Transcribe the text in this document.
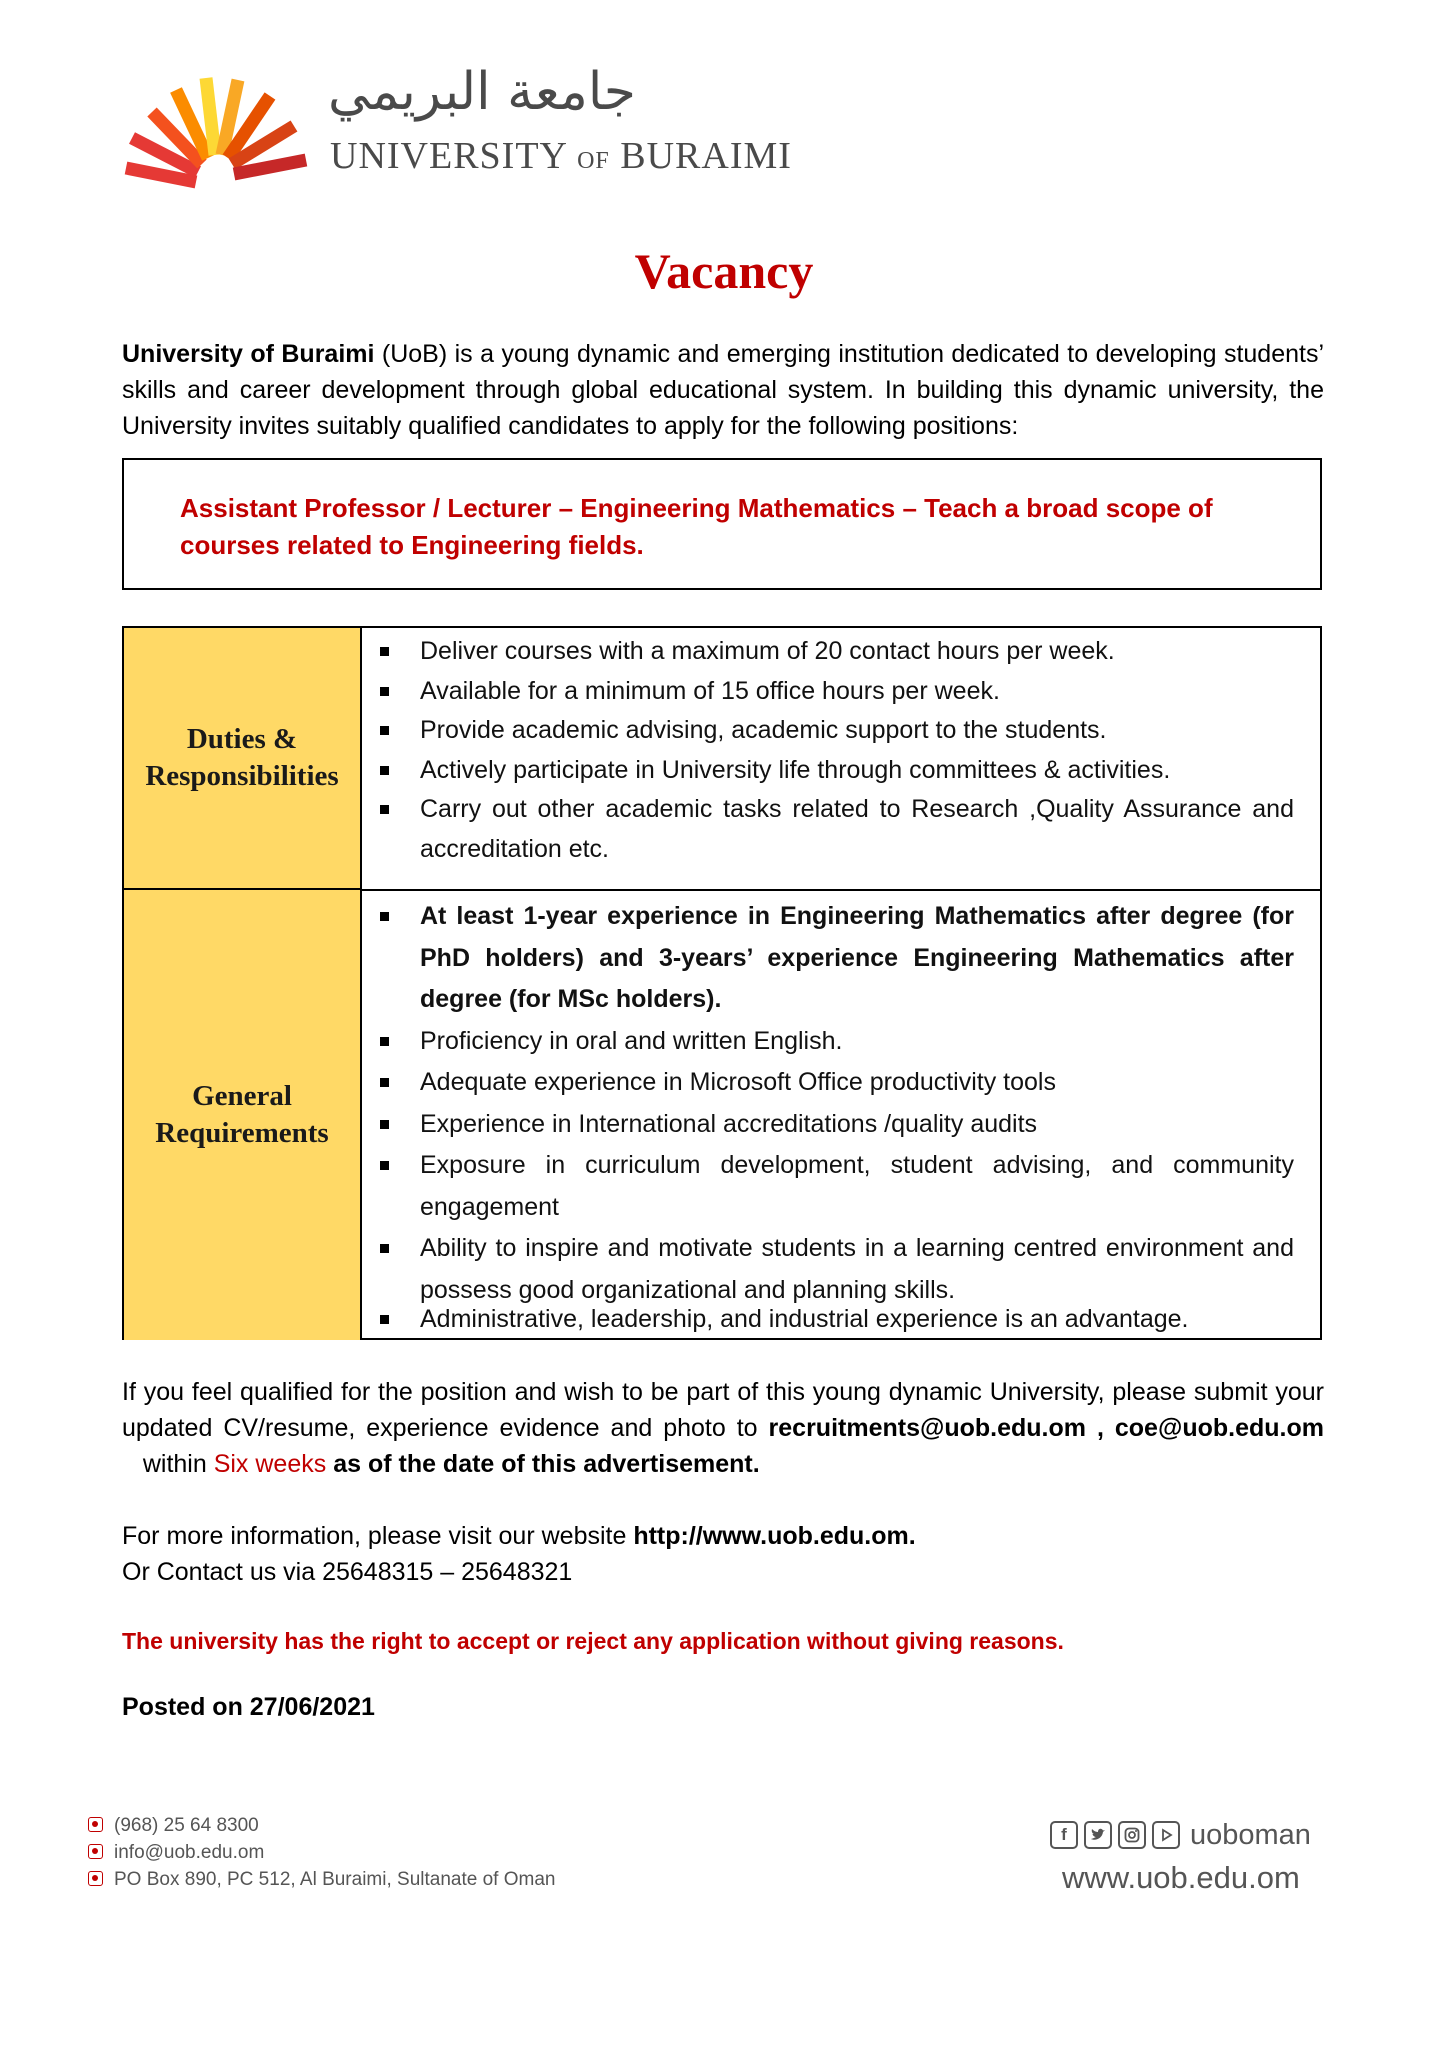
جامعة البريمي
UNIVERSITY OF BURAIMI
Vacancy
University of Buraimi (UoB) is a young dynamic and emerging institution dedicated to developing students’ skills and career development through global educational system. In building this dynamic university, the University invites suitably qualified candidates to apply for the following positions:
Assistant Professor / Lecturer – Engineering Mathematics – Teach a broad scope of courses related to Engineering fields.
Duties & Responsibilities
General Requirements
Deliver courses with a maximum of 20 contact hours per week.
Available for a minimum of 15 office hours per week.
Provide academic advising, academic support to the students.
Actively participate in University life through committees & activities.
Carry out other academic tasks related to Research ,Quality Assurance and accreditation etc.
At least 1-year experience in Engineering Mathematics after degree (for PhD holders) and 3-years’ experience Engineering Mathematics after degree (for MSc holders).
Proficiency in oral and written English.
Adequate experience in Microsoft Office productivity tools
Experience in International accreditations /quality audits
Exposure in curriculum development, student advising, and community engagement
Ability to inspire and motivate students in a learning centred environment and possess good organizational and planning skills.
Administrative, leadership, and industrial experience is an advantage.
If you feel qualified for the position and wish to be part of this young dynamic University, please submit your updated CV/resume, experience evidence and photo to recruitments@uob.edu.om , coe@uob.edu.om   within Six weeks as of the date of this advertisement.
For more information, please visit our website http://www.uob.edu.om.
Or Contact us via 25648315 – 25648321
The university has the right to accept or reject any application without giving reasons.
Posted on 27/06/2021
(968) 25 64 8300
info@uob.edu.om
PO Box 890, PC 512, Al Buraimi, Sultanate of Oman
f	uoboman
www.uob.edu.om
